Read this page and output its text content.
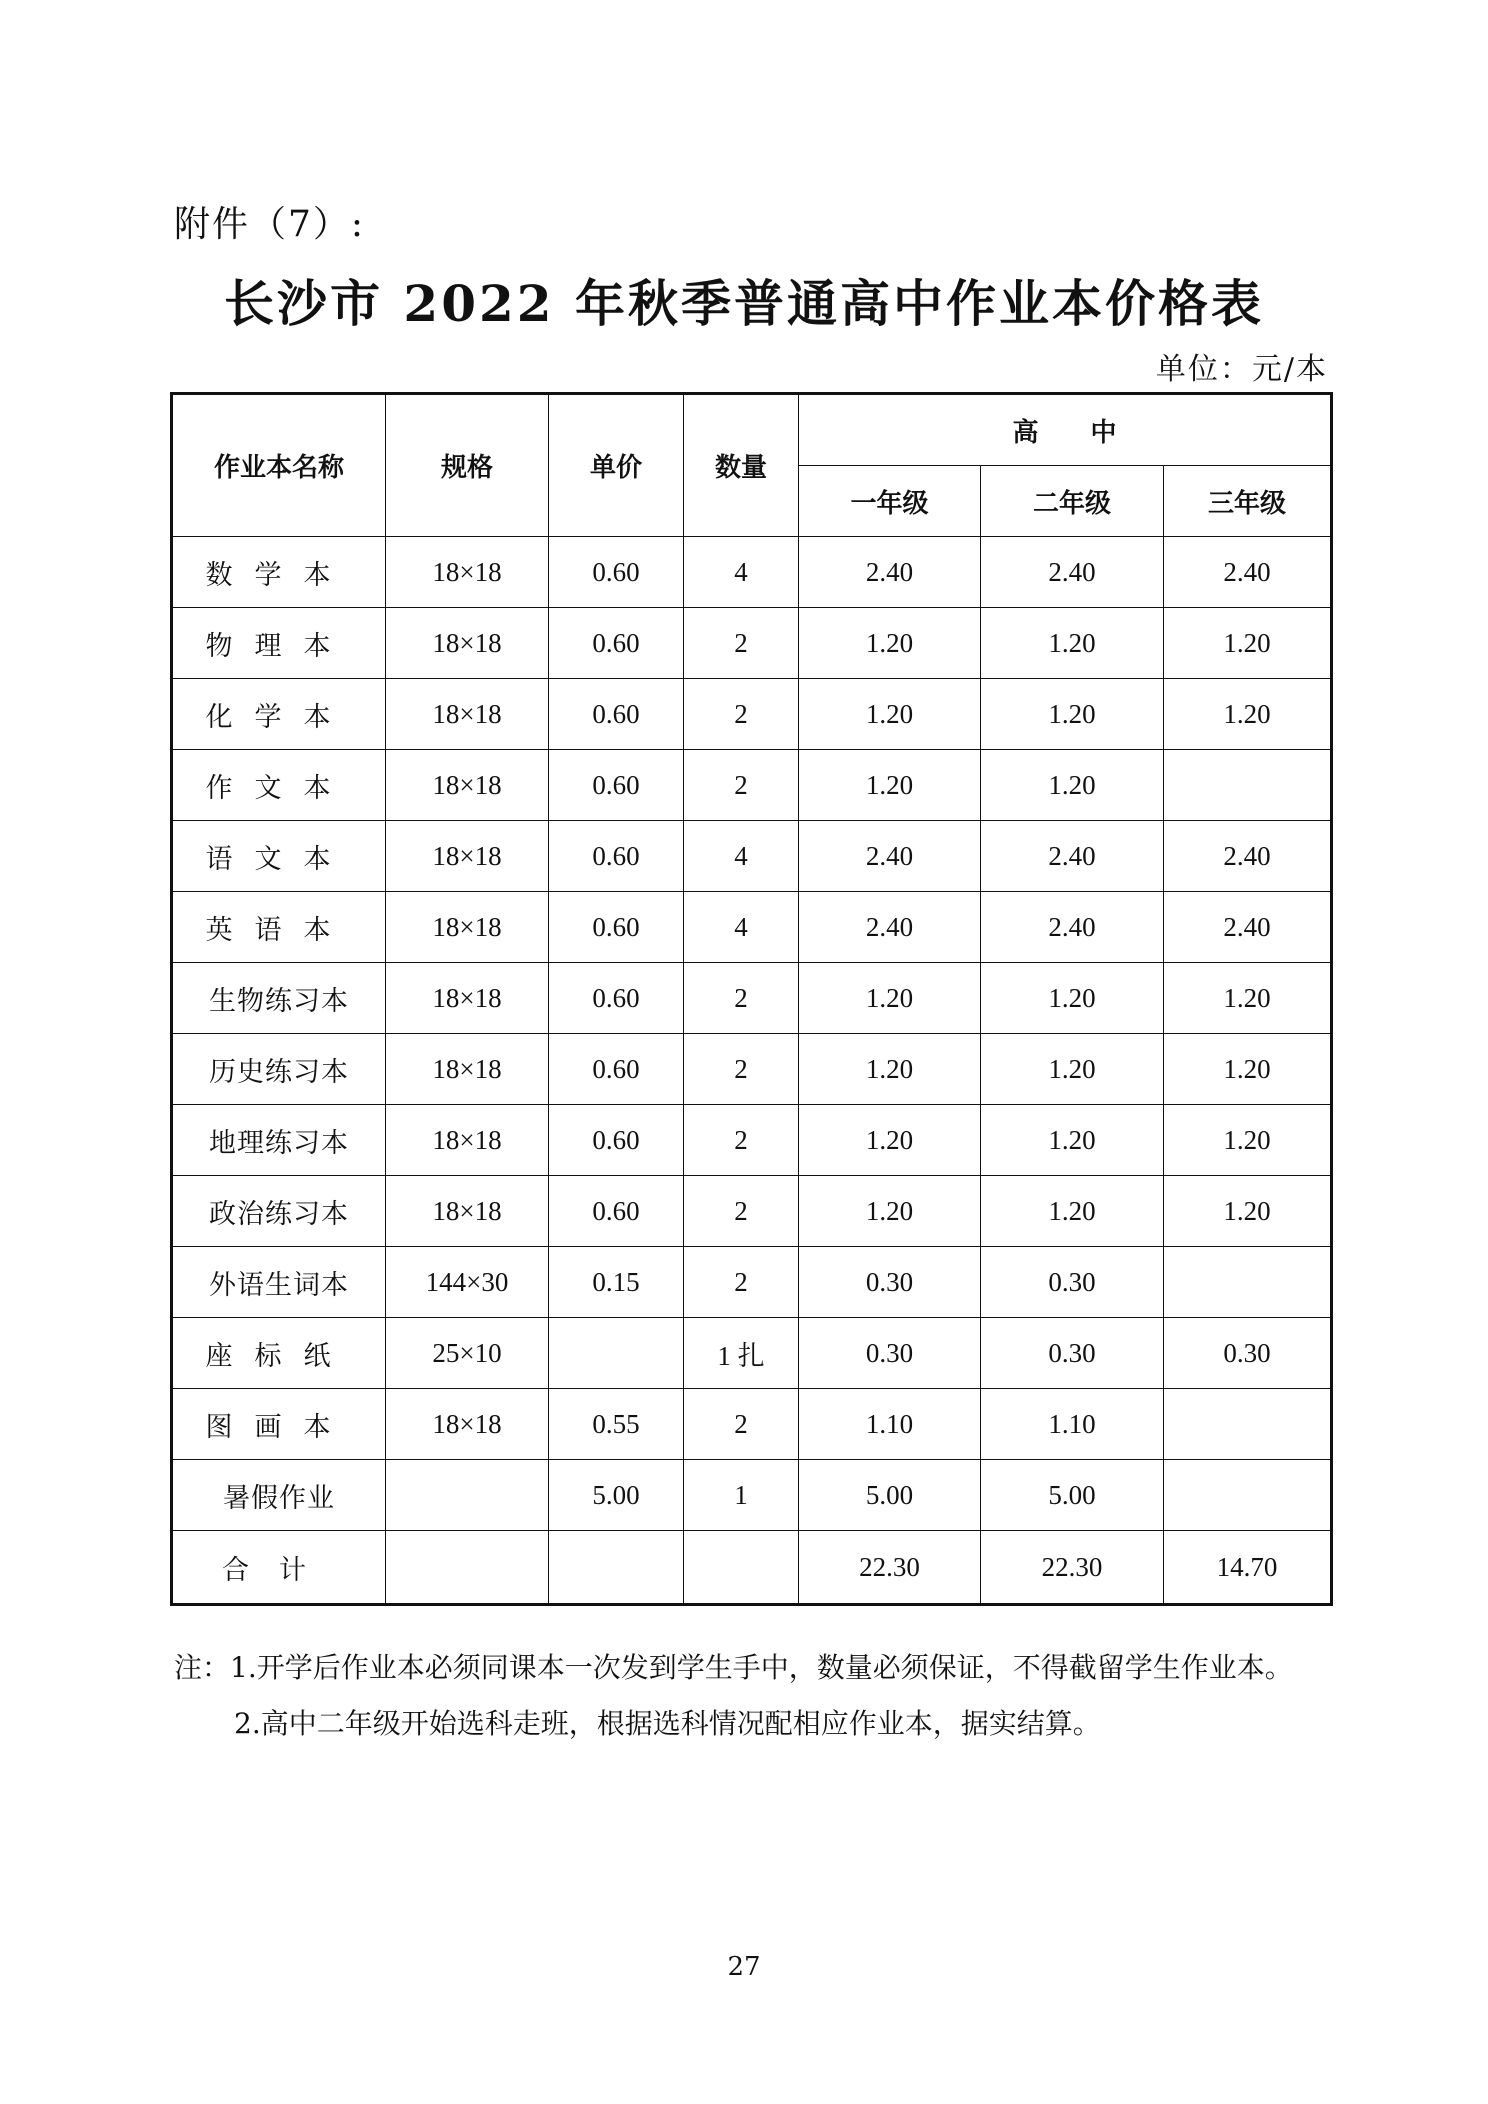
附件（7）:
长沙市 2022 年秋季普通高中作业本价格表
单位：元/本
作业本名称	规格	单价	数量	高　　中		
				一年级	二年级	三年级
数学本	18×18	0.60	4	2.40	2.40	2.40
物理本	18×18	0.60	2	1.20	1.20	1.20
化学本	18×18	0.60	2	1.20	1.20	1.20
作文本	18×18	0.60	2	1.20	1.20	
语文本	18×18	0.60	4	2.40	2.40	2.40
英语本	18×18	0.60	4	2.40	2.40	2.40
生物练习本	18×18	0.60	2	1.20	1.20	1.20
历史练习本	18×18	0.60	2	1.20	1.20	1.20
地理练习本	18×18	0.60	2	1.20	1.20	1.20
政治练习本	18×18	0.60	2	1.20	1.20	1.20
外语生词本	144×30	0.15	2	0.30	0.30	
座标纸	25×10		1 扎	0.30	0.30	0.30
图画本	18×18	0.55	2	1.10	1.10	
暑假作业		5.00	1	5.00	5.00	
合计				22.30	22.30	14.70
注：1.开学后作业本必须同课本一次发到学生手中，数量必须保证，不得截留学生作业本。
2.高中二年级开始选科走班，根据选科情况配相应作业本，据实结算。
27
